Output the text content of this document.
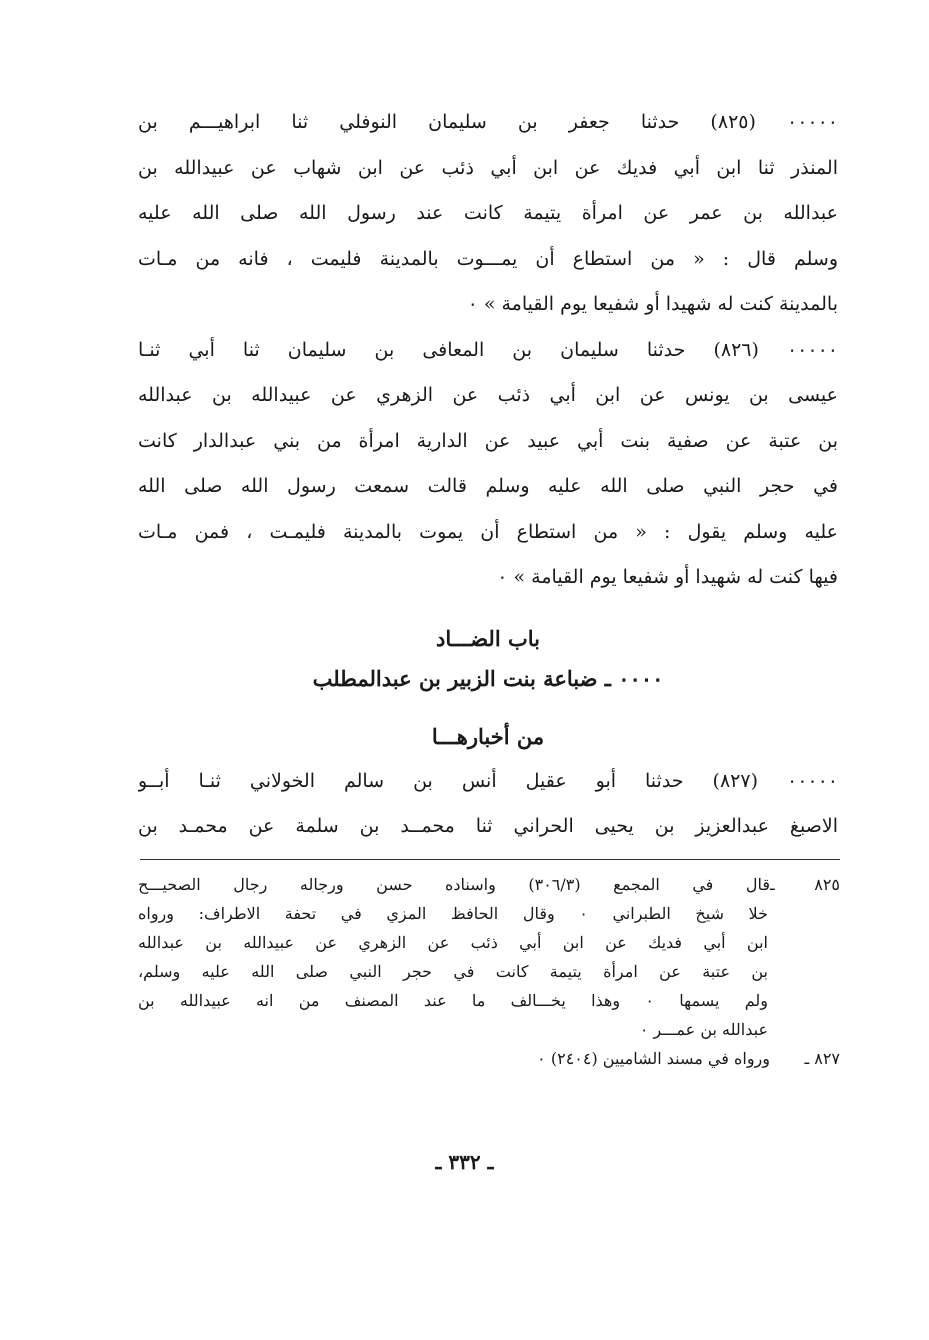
٠٠٠٠٠ (٨٢٥) حدثنا جعفر بن سليمان النوفلي ثنا ابراهيـــم بن
المنذر ثنا ابن أبي فديك عن ابن أبي ذئب عن ابن شهاب عن عبيدالله بن
عبدالله بن عمر عن امرأة يتيمة كانت عند رسول الله صلى الله عليه
وسلم قال : « من استطاع أن يمـــوت بالمدينة فليمت ، فانه من مـات
بالمدينة كنت له شهيدا أو شفيعا يوم القيامة » ٠
٠٠٠٠٠ (٨٢٦) حدثنا سليمان بن المعافى بن سليمان ثنا أبي ثنـا
عيسى بن يونس عن ابن أبي ذئب عن الزهري عن عبيدالله بن عبدالله
بن عتبة عن صفية بنت أبي عبيد عن الدارية امرأة من بني عبدالدار كانت
في حجر النبي صلى الله عليه وسلم قالت سمعت رسول الله صلى الله
عليه وسلم يقول : « من استطاع أن يموت بالمدينة فليمـت ، فمن مـات
فيها كنت له شهيدا أو شفيعا يوم القيامة » ٠
باب الضـــاد
٠٠٠٠ ـ ضباعة بنت الزبير بن عبدالمطلب
من أخبارهـــا
٠٠٠٠٠ (٨٢٧) حدثنا أبو عقيل أنس بن سالم الخولاني ثنـا أبــو
الاصبغ عبدالعزيز بن يحيى الحراني ثنا محمــد بن سلمة عن محمـد بن
٨٢٥ ـقال في المجمع (٣٠٦/٣) واسناده حسن ورجاله رجال الصحيـــح
خلا شيخ الطبراني ٠ وقال الحافظ المزي في تحفة الاطراف: ورواه
ابن أبي فديك عن ابن أبي ذئب عن الزهري عن عبيدالله بن عبدالله
بن عتبة عن امرأة يتيمة كانت في حجر النبي صلى الله عليه وسلم،
ولم يسمها ٠ وهذا يخـــالف ما عند المصنف من انه عبيدالله بن
عبدالله بن عمـــر ٠
٨٢٧ ـورواه في مسند الشاميين (٢٤٠٤) ٠
ـ ٣٣٢ ـ
